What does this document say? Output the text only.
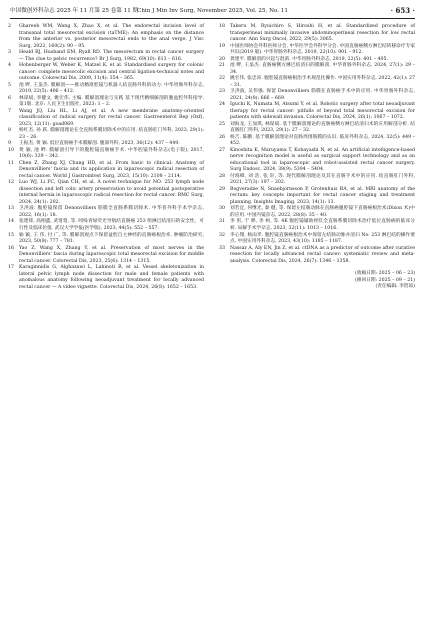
中国微创外科杂志 2025 年 11 月第 25 卷第 11 期
Chin J Min Inv Surg, November 2025, Vol. 25, No. 11	· 653 ·
2 Ghareeb WM, Wang X, Zhao X, et al. The endorectal incision level of transanal total mesorectal excision (taTME): An emphasis on the distance from the anterior vs. posterior mesorectal ends to the anal verge. J Visc Surg, 2022, 160(2): 90 – 95.
3 Heald RJ, Husband EM, Ryall RD. The mesorectum in rectal cancer surgery — The clue to pelvic recurrence? Br J Surg, 1982, 69(10): 613 – 616.
4 Hohenberger W, Weber K, Matzel K, et al. Standardised surgery for colonic cancer: complete mesocolic excision and central ligation-technical notes and outcome. Colorectal Dis, 2009, 11(4): 354 – 365.
5 池 畔, 王枭杰. 膜解剖——推动精准腔镜与机器人结直肠外科的动力. 中华胃肠外科杂志, 2019, 22(5): 406 – 412.
6 林谋斌, 李健文, 姚宏伟, 主编. 膜解剖理论与实践 基于现代精细解剖的腹盆腔外科指导. 第1版. 北京: 人民卫生出版社, 2023: 1 – 2.
7 Wang JQ, Liu HL, Li AJ, et al. A new membrane anatomy-oriented classification of radical surgery for rectal cancer. Gastroenterol Rep (Oxf), 2023, 12(11): goad069.
8 杨红杰, 孙 跃. 膜解剖理论在全直肠系膜切除术中的应用. 结直肠肛门外科, 2023, 29(1): 23 – 26.
9 王振杰, 黄 颖. 低位直肠癌手术膜解剖. 腹部外科, 2023, 36(12): 437 – 449.
10 黄 颖, 池 畔. 膜解剖引导下的腹腔镜直肠癌手术. 中华腔镜外科杂志(电子版), 2017, 10(6): 339 – 342.
11 Chen Z, Zhang XJ, Chang HD, et al. From basic to clinical: Anatomy of Denonvilliers' fascia and its application in laparoscopic radical resection of rectal cancer. World J Gastrointest Surg, 2023, 15(10): 2108 – 2114.
12 Luo WJ, Li FC, Qian CH, et al. A novel technique for NO. 253 lymph node dissection and left colic artery preservation to avoid potential postoperative internal hernia in laparoscopic radical resection for rectal cancer. BMC Surg, 2024, 24(1): 202.
13 卫洪波. 腹腔镜保留 Denonvilliers 筋膜全直肠系膜切除术. 中华普外科手术学杂志, 2022, 16(1): 18.
14 张建锋, 高栩鑫, 武莺莺, 等. 吲哚青绿荧光导航结直肠癌 253 组淋巴结清扫的安全性、可行性及临床价值. 武汉大学学报(医学版), 2023, 44(5): 552 – 557.
15 喻 颖, 王 伟, 付 广, 等. 膜解剖观点下保留盆腔自主神经的直肠癌根治术. 肿瘤防治研究, 2023, 50(8): 777 – 781.
16 Yao Z, Wang X, Zhang Y, et al. Preservation of most nerves in the Denonvilliers' fascia during laparoscopic total mesorectal excision for middle rectal cancer. Colorectal Dis, 2023, 25(6): 1314 – 1315.
17 Karaginnidis G, Alghazawi L, Lahinoti R, et al. Vessel skeletonization in lateral pelvic lymph node dissection for male and female patients with anomalous anatomy following neoadjuvant treatment for locally advanced rectal cancer — A video vignette. Colorectal Dis, 2024, 26(8): 1652 – 1653.
18 Takeru M, Ryuichiro S, Hiroshi H, et al. Standardized procedure of transperineal minimally invasive abdominoperineal resection for low rectal cancer. Ann Surg Oncol, 2022, 29(5): 3065.
19 中国医师协会外科医师分会, 中华医学会外科学分会. 中国直肠癌侧方淋巴结转移诊疗专家共识(2019 版). 中华胃肠外科杂志, 2019, 22(10): 901 – 912.
20 龚建平. 膜解剖的兴起与混淆. 中华胃肠外科杂志, 2019, 22(5): 401 – 405.
21 池 畔, 王枭杰. 直肠癌侧方淋巴结清扫的膜解剖. 中华胃肠外科杂志, 2024, 27(1): 29 – 34.
22 姚宏伟, 张忠涛. 腹腔镜直肠癌根治手术规范化操作. 中国实用外科杂志, 2022, 42(1): 27 – 31.
23 卫洪波, 吴伟强. 保留 Denonvilliers 筋膜在直肠癌手术中的应用. 中华胃肠外科杂志, 2021, 24(8): 666 – 669.
24 Iguchi K, Numata M, Atsumi Y, et al. Robotic surgery after total neoadjuvant therapy for rectal cancer: pitfalls of beyond total mesorectal excision for patients with sidewall invasion. Colorectal Dis, 2024, 26(1): 1067 – 1072.
25 刘海龙, 王加琪, 林谋斌. 基于膜解剖理论的直肠癌侧方淋巴结清扫术的应用解剖分析. 结直肠肛门外科, 2023, 29(1): 27 – 32.
26 杨吉, 陈鹏. 基于膜解剖理论对直肠周围筋膜的认识. 临床外科杂志, 2024, 32(5): 449 – 452.
27 Kinoshita K, Maruyama T, Kobayashi N, et al. An artificial intelligence-based nerve recognition model is useful as surgical support technology and as an educational tool in laparoscopic and robot-assisted rectal cancer surgery. Surg Endosc, 2024, 38(9): 5394 – 5404.
28 付海峰, 刘 浩, 张 轩, 等. 现代膜解剖理论及其在直肠手术中的应用. 结直肠肛门外科, 2021, 27(3): 197 – 202.
29 Bogveradze N, Snaebjornsson P, Grotenhuis BA, et al. MRI anatomy of the rectum: key concepts important for rectal cancer staging and treatment planning. Insights Imaging, 2023, 14(1): 13.
30 刘若宜, 何继光, 秦 健, 等. 保留左结肠动脉在直肠癌腹腔镜下直肠癌根治术(Dixon 术)中的应用. 中国内镜杂志, 2022, 28(8): 35 – 40.
31 李 彤, 于 晔, 李 柯, 等. 4K 腹腔镜辅助经肛全直肠系膜切除术治疗低位直肠癌的临床分析. 局解手术学杂志, 2023, 32(11): 1013 – 1016.
32 李心翔, 杨雨孝. 腹腔镜直肠癌根治术中保留左结肠动脉并清扫 No. 253 淋巴结的操作要点. 中国实用外科杂志, 2023, 43(10): 1185 – 1187.
33 Nassar A, Aly EN, Jin Z, et al. ctDNA as a predictor of outcome after curative resection for locally advanced rectal cancer: systematic review and meta-analysis. Colorectal Dis, 2024, 26(7): 1346 – 1358.
(收稿日期: 2025 – 06 – 23)
(修回日期: 2025 – 09 – 21)
(责任编辑: 李贺琼)
